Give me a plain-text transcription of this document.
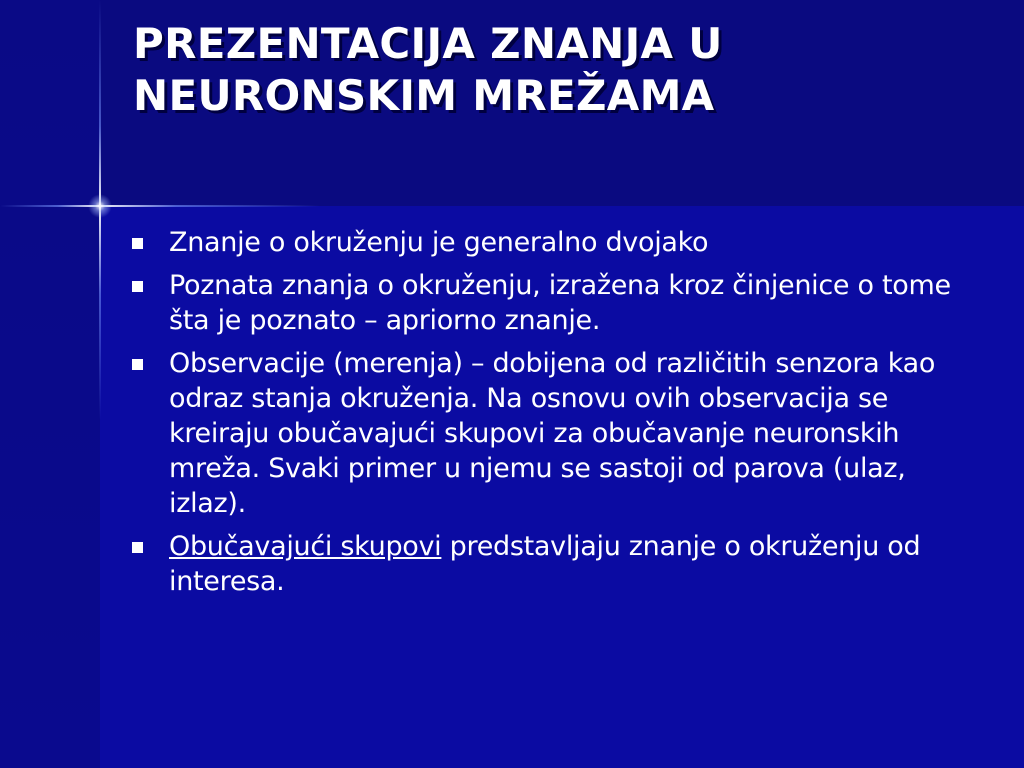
PREZENTACIJA ZNANJA U
NEURONSKIM MREŽAMA
Znanje o okruženju je generalno dvojako
Poznata znanja o okruženju, izražena kroz činjenice o tome šta je poznato – apriorno znanje.
Observacije (merenja) – dobijena od različitih senzora kao odraz stanja okruženja. Na osnovu ovih observacija se kreiraju obučavajući skupovi za obučavanje neuronskih mreža. Svaki primer u njemu se sastoji od parova (ulaz, izlaz).
Obučavajući skupovi predstavljaju znanje o okruženju od interesa.
